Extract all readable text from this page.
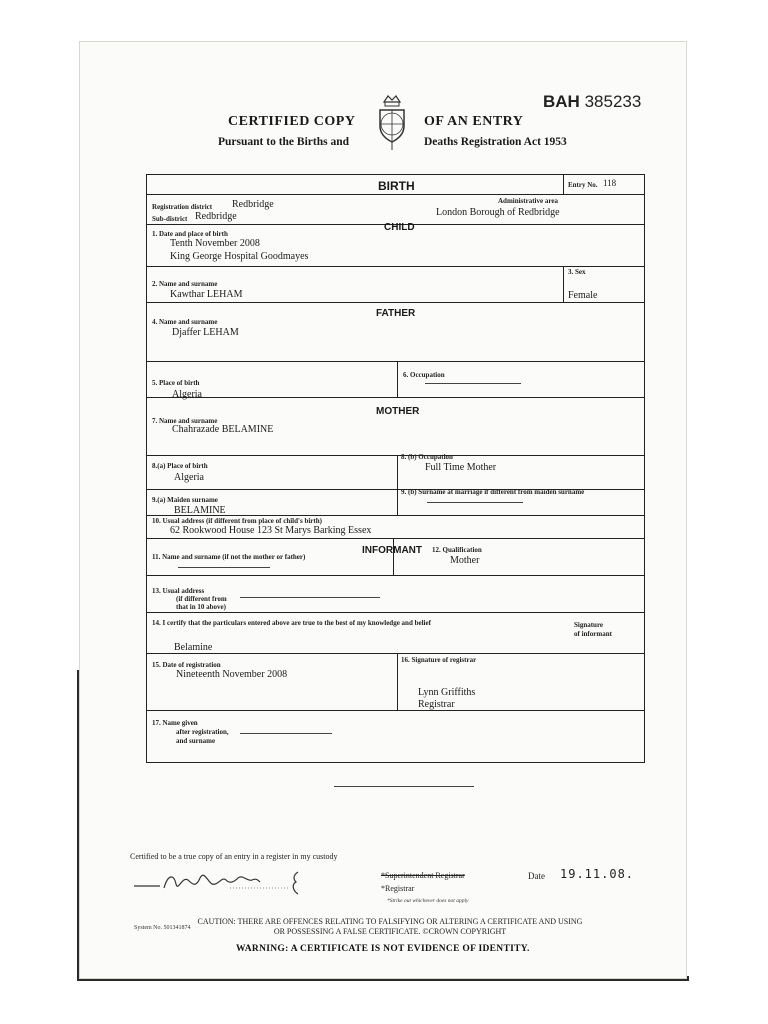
BAH 385233
CERTIFIED COPY	OF AN ENTRY
Pursuant to the Births and	Deaths Registration Act 1953
BIRTH	Entry No. 118
Registration district Redbridge
Sub-district Redbridge
Administrative area
London Borough of Redbridge
CHILD
1. Date and place of birth
Tenth November 2008
King George Hospital Goodmayes
2. Name and surname
Kawthar LEHAM
3. Sex
Female
FATHER
4. Name and surname
Djaffer LEHAM
5. Place of birth
Algeria
6. Occupation
MOTHER
7. Name and surname
Chahrazade BELAMINE
8.(a) Place of birth
Algeria
8. (b) Occupation
Full Time Mother
9.(a) Maiden surname
BELAMINE
9. (b) Surname at marriage if different from maiden surname
10. Usual address (if different from place of child's birth)
62 Rookwood House 123 St Marys Barking Essex
INFORMANT
11. Name and surname (if not the mother or father)
12. Qualification
Mother
13. Usual address
(if different from
that in 10 above)
14. I certify that the particulars entered above are true to the best of my knowledge and belief	Signature
of informant
Belamine
15. Date of registration
Nineteenth November 2008
16. Signature of registrar
Lynn Griffiths
Registrar
17. Name given
after registration,
and surname
Certified to be a true copy of an entry in a register in my custody
*Superintendent Registrar
*Registrar
*Strike out whichever does not apply
Date 19.11.08.
System No. 501341874
CAUTION: THERE ARE OFFENCES RELATING TO FALSIFYING OR ALTERING A CERTIFICATE AND USING
OR POSSESSING A FALSE CERTIFICATE. ©CROWN COPYRIGHT
WARNING: A CERTIFICATE IS NOT EVIDENCE OF IDENTITY.
